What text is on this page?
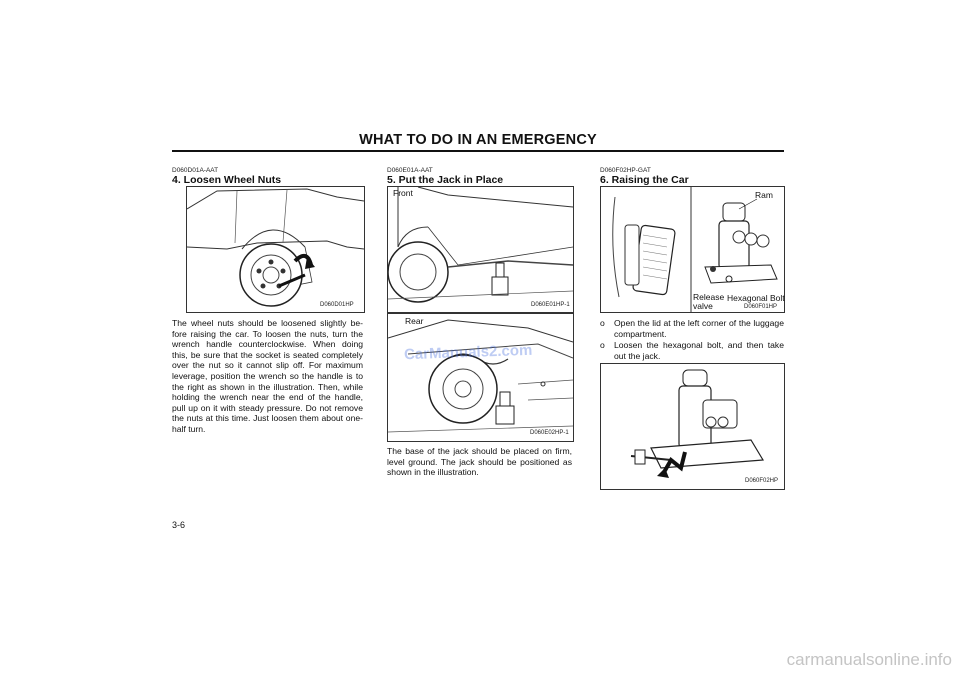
WHAT TO DO IN AN EMERGENCY
D060D01A-AAT
4. Loosen Wheel Nuts
D060D01HP
The wheel nuts should be loosened slightly be-fore raising the car. To loosen the nuts, turn the wrench handle counterclockwise. When doing this, be sure that the socket is seated completely over the nut so it cannot slip off. For maximum leverage, position the wrench so the handle is to the right as shown in the illustration. Then, while holding the wrench near the end of the handle, pull up on it with steady pressure. Do not remove the nuts at this time. Just loosen them about one-half turn.
D060E01A-AAT
5. Put the Jack in Place
Front
D060E01HP-1
Rear
D060E02HP-1
CarManuals2.com
The base of the jack should be placed on firm, level ground. The jack should be positioned as shown in the illustration.
D060F02HP-GAT
6. Raising the Car
Ram
Release
valve
Hexagonal Bolt
D060F01HP
o	Open the lid at the left corner of the luggage compartment.
o	Loosen the hexagonal bolt, and then take out the jack.
D060F02HP
3-6
carmanualsonline.info
